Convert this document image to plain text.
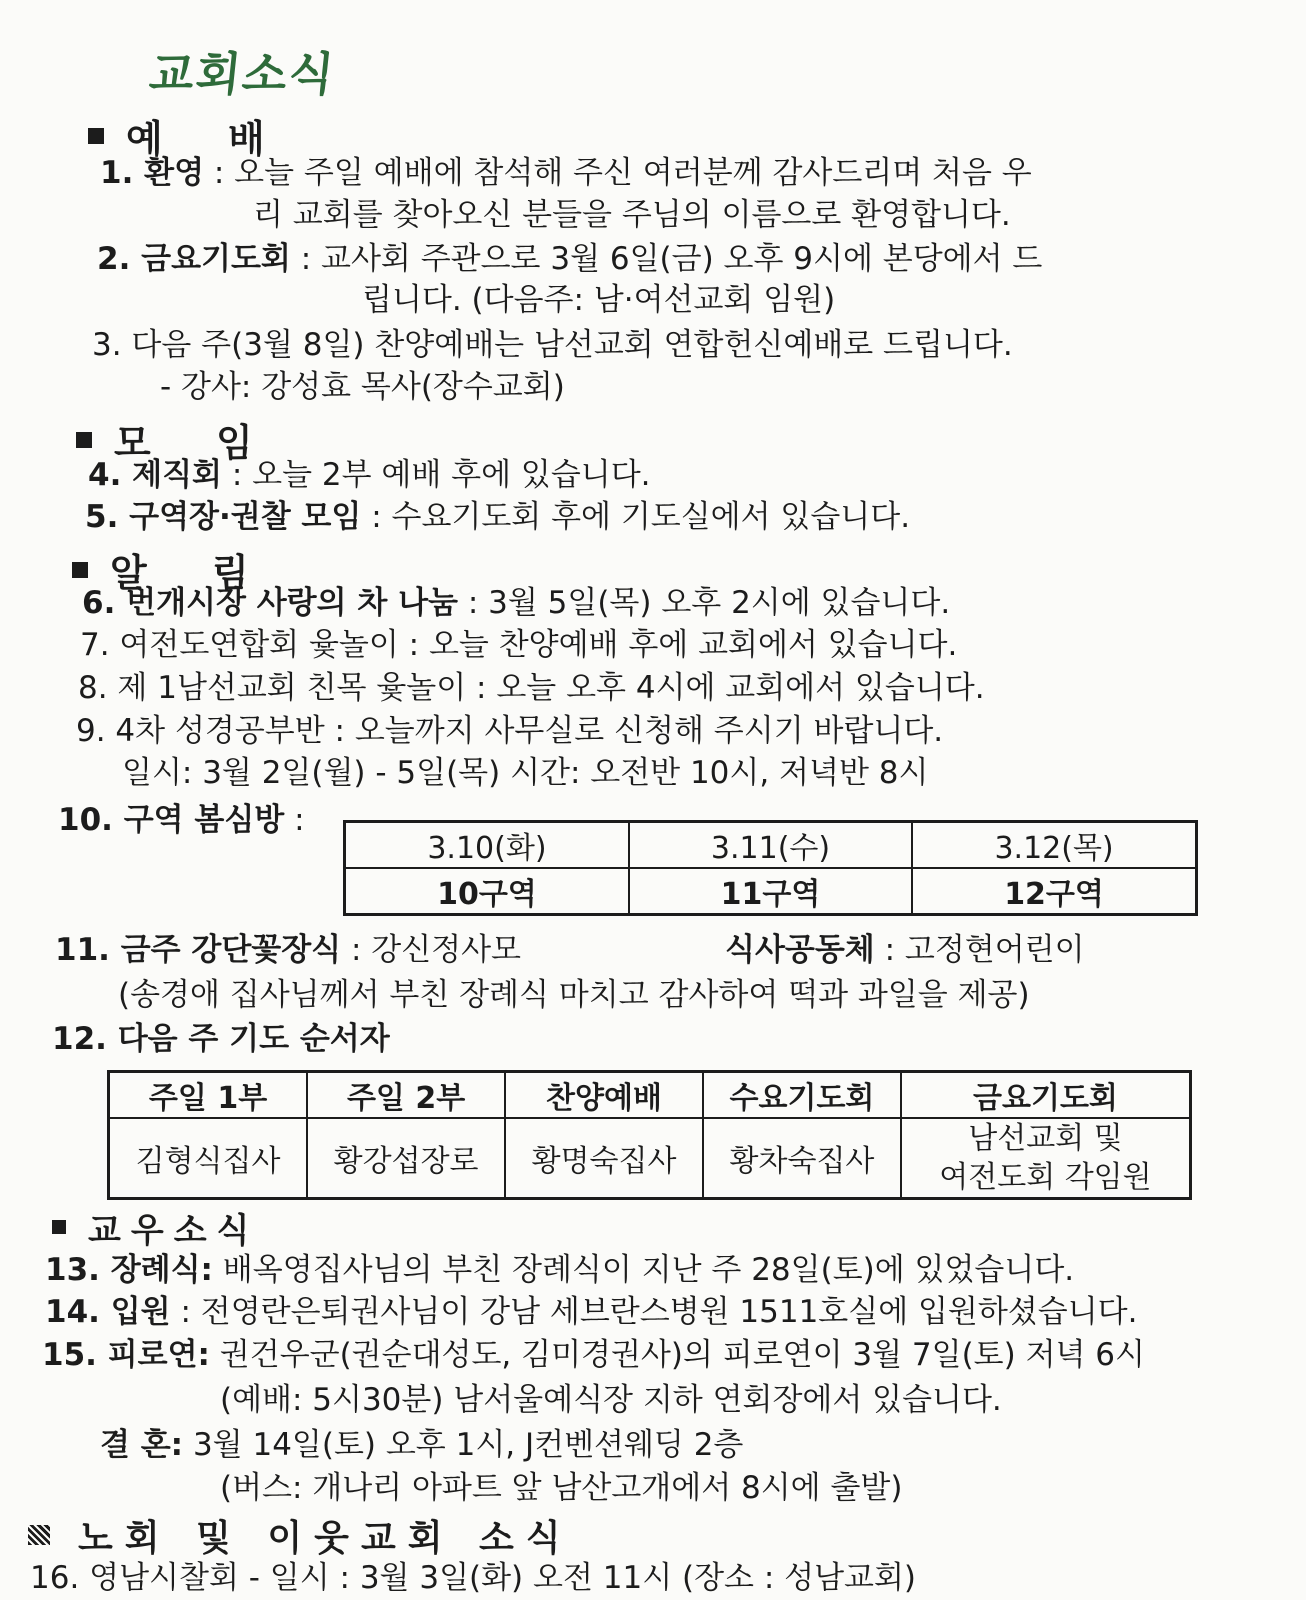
교회소식
예 배
1. 환영 : 오늘 주일 예배에 참석해 주신 여러분께 감사드리며 처음 우
리 교회를 찾아오신 분들을 주님의 이름으로 환영합니다.
2. 금요기도회 : 교사회 주관으로 3월 6일(금) 오후 9시에 본당에서 드
립니다. (다음주: 남·여선교회 임원)
3. 다음 주(3월 8일) 찬양예배는 남선교회 연합헌신예배로 드립니다.
- 강사: 강성효 목사(장수교회)
모 임
4. 제직회 : 오늘 2부 예배 후에 있습니다.
5. 구역장·권찰 모임 : 수요기도회 후에 기도실에서 있습니다.
알 림
6. 번개시장 사랑의 차 나눔 : 3월 5일(목) 오후 2시에 있습니다.
7. 여전도연합회 윷놀이 : 오늘 찬양예배 후에 교회에서 있습니다.
8. 제 1남선교회 친목 윷놀이 : 오늘 오후 4시에 교회에서 있습니다.
9. 4차 성경공부반 : 오늘까지 사무실로 신청해 주시기 바랍니다.
일시: 3월 2일(월) - 5일(목) 시간: 오전반 10시, 저녁반 8시
10. 구역 봄심방 :
3.10(화)	3.11(수)	3.12(목)
10구역	11구역	12구역
11. 금주 강단꽃장식 : 강신정사모	식사공동체 : 고정현어린이
(송경애 집사님께서 부친 장례식 마치고 감사하여 떡과 과일을 제공)
12. 다음 주 기도 순서자
주일 1부	주일 2부	찬양예배	수요기도회	금요기도회
김형식집사	황강섭장로	황명숙집사	황차숙집사	남선교회 및
여전도회 각임원
교우소식
13. 장례식: 배옥영집사님의 부친 장례식이 지난 주 28일(토)에 있었습니다.
14. 입원 : 전영란은퇴권사님이 강남 세브란스병원 1511호실에 입원하셨습니다.
15. 피로연: 권건우군(권순대성도, 김미경권사)의 피로연이 3월 7일(토) 저녁 6시
(예배: 5시30분) 남서울예식장 지하 연회장에서 있습니다.
결 혼: 3월 14일(토) 오후 1시, J컨벤션웨딩 2층
(버스: 개나리 아파트 앞 남산고개에서 8시에 출발)
노회 및 이웃교회 소식
16. 영남시찰회 - 일시 : 3월 3일(화) 오전 11시 (장소 : 성남교회)
